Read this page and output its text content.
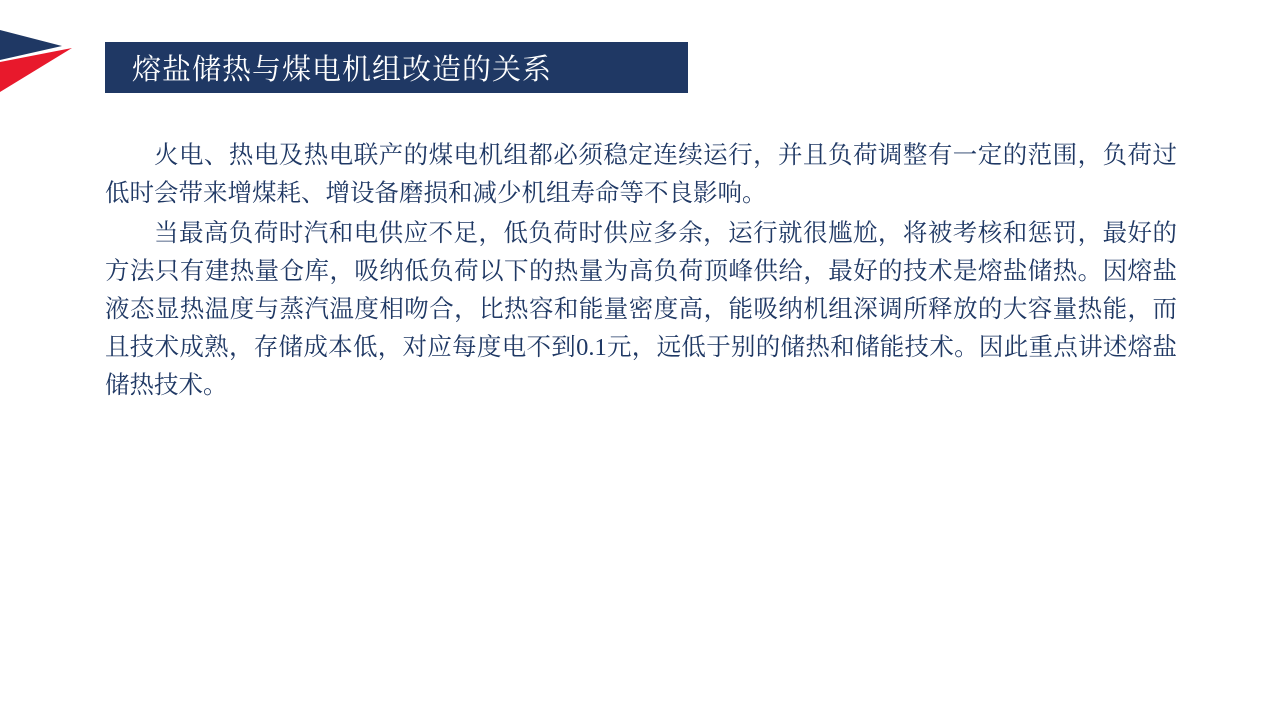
熔盐储热与煤电机组改造的关系

火电、热电及热电联产的煤电机组都必须稳定连续运行，并且负荷调整有一定的范围，负荷过低时会带来增煤耗、增设备磨损和减少机组寿命等不良影响。

当最高负荷时汽和电供应不足，低负荷时供应多余，运行就很尴尬，将被考核和惩罚，最好的方法只有建热量仓库，吸纳低负荷以下的热量为高负荷顶峰供给，最好的技术是熔盐储热。因熔盐液态显热温度与蒸汽温度相吻合，比热容和能量密度高，能吸纳机组深调所释放的大容量热能，而且技术成熟，存储成本低，对应每度电不到0.1元，远低于别的储热和储能技术。因此重点讲述熔盐储热技术。
